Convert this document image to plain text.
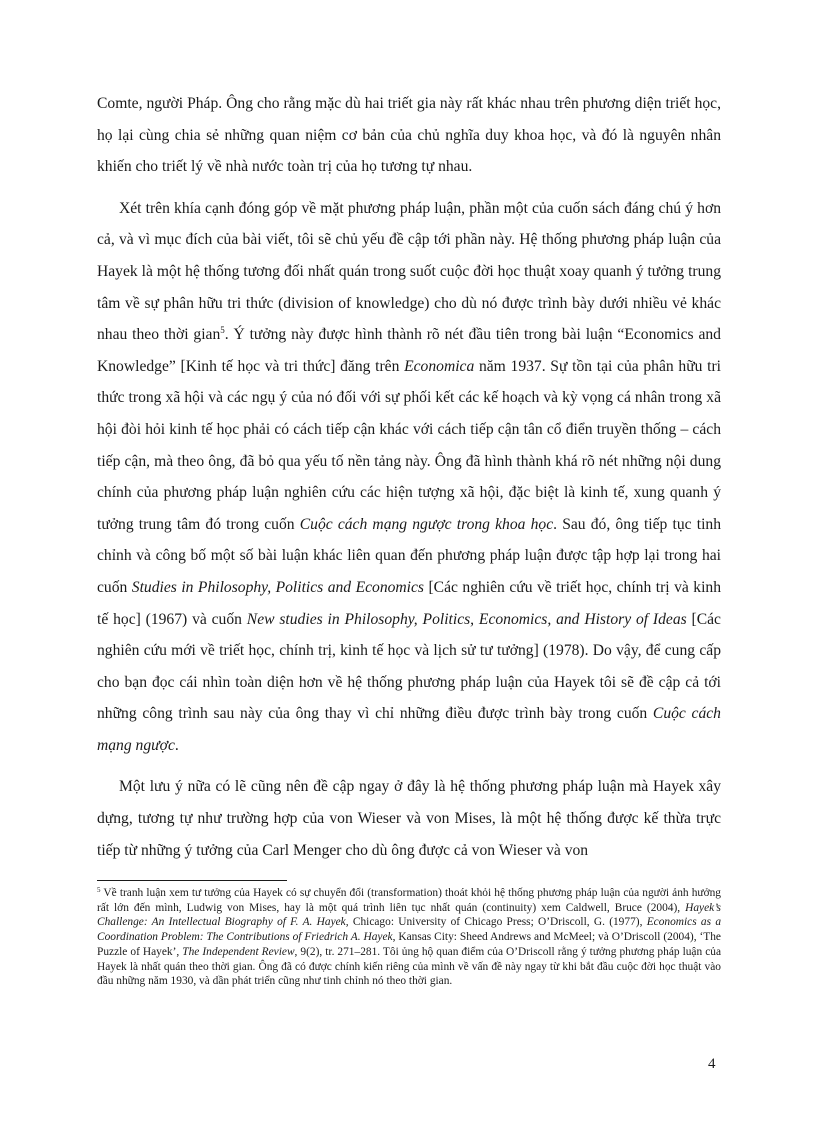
Comte, người Pháp. Ông cho rằng mặc dù hai triết gia này rất khác nhau trên phương diện triết học, họ lại cùng chia sẻ những quan niệm cơ bản của chủ nghĩa duy khoa học, và đó là nguyên nhân khiến cho triết lý về nhà nước toàn trị của họ tương tự nhau.

Xét trên khía cạnh đóng góp về mặt phương pháp luận, phần một của cuốn sách đáng chú ý hơn cả, và vì mục đích của bài viết, tôi sẽ chủ yếu đề cập tới phần này. Hệ thống phương pháp luận của Hayek là một hệ thống tương đối nhất quán trong suốt cuộc đời học thuật xoay quanh ý tưởng trung tâm về sự phân hữu tri thức (division of knowledge) cho dù nó được trình bày dưới nhiều vẻ khác nhau theo thời gian$^5$. Ý tưởng này được hình thành rõ nét đầu tiên trong bài luận “Economics and Knowledge” [Kinh tế học và tri thức] đăng trên Economica năm 1937. Sự tồn tại của phân hữu tri thức trong xã hội và các ngụ ý của nó đối với sự phối kết các kế hoạch và kỳ vọng cá nhân trong xã hội đòi hỏi kinh tế học phải có cách tiếp cận khác với cách tiếp cận tân cổ điển truyền thống – cách tiếp cận, mà theo ông, đã bỏ qua yếu tố nền tảng này. Ông đã hình thành khá rõ nét những nội dung chính của phương pháp luận nghiên cứu các hiện tượng xã hội, đặc biệt là kinh tế, xung quanh ý tưởng trung tâm đó trong cuốn Cuộc cách mạng ngược trong khoa học. Sau đó, ông tiếp tục tinh chỉnh và công bố một số bài luận khác liên quan đến phương pháp luận được tập hợp lại trong hai cuốn Studies in Philosophy, Politics and Economics [Các nghiên cứu về triết học, chính trị và kinh tế học] (1967) và cuốn New studies in Philosophy, Politics, Economics, and History of Ideas [Các nghiên cứu mới về triết học, chính trị, kinh tế học và lịch sử tư tưởng] (1978). Do vậy, để cung cấp cho bạn đọc cái nhìn toàn diện hơn về hệ thống phương pháp luận của Hayek tôi sẽ đề cập cả tới những công trình sau này của ông thay vì chỉ những điều được trình bày trong cuốn Cuộc cách mạng ngược.

Một lưu ý nữa có lẽ cũng nên đề cập ngay ở đây là hệ thống phương pháp luận mà Hayek xây dựng, tương tự như trường hợp của von Wieser và von Mises, là một hệ thống được kế thừa trực tiếp từ những ý tưởng của Carl Menger cho dù ông được cả von Wieser và von

$^5$ Về tranh luận xem tư tưởng của Hayek có sự chuyển đổi (transformation) thoát khỏi hệ thống phương pháp luận của người ảnh hưởng rất lớn đến mình, Ludwig von Mises, hay là một quá trình liên tục nhất quán (continuity) xem Caldwell, Bruce (2004), Hayek’s Challenge: An Intellectual Biography of F. A. Hayek, Chicago: University of Chicago Press; O’Driscoll, G. (1977), Economics as a Coordination Problem: The Contributions of Friedrich A. Hayek, Kansas City: Sheed Andrews and McMeel; và O’Driscoll (2004), ‘The Puzzle of Hayek’, The Independent Review, 9(2), tr. 271–281. Tôi ủng hộ quan điểm của O’Driscoll rằng ý tưởng phương pháp luận của Hayek là nhất quán theo thời gian. Ông đã có được chính kiến riêng của mình về vấn đề này ngay từ khi bắt đầu cuộc đời học thuật vào đầu những năm 1930, và dần phát triển cũng như tinh chỉnh nó theo thời gian.

4
